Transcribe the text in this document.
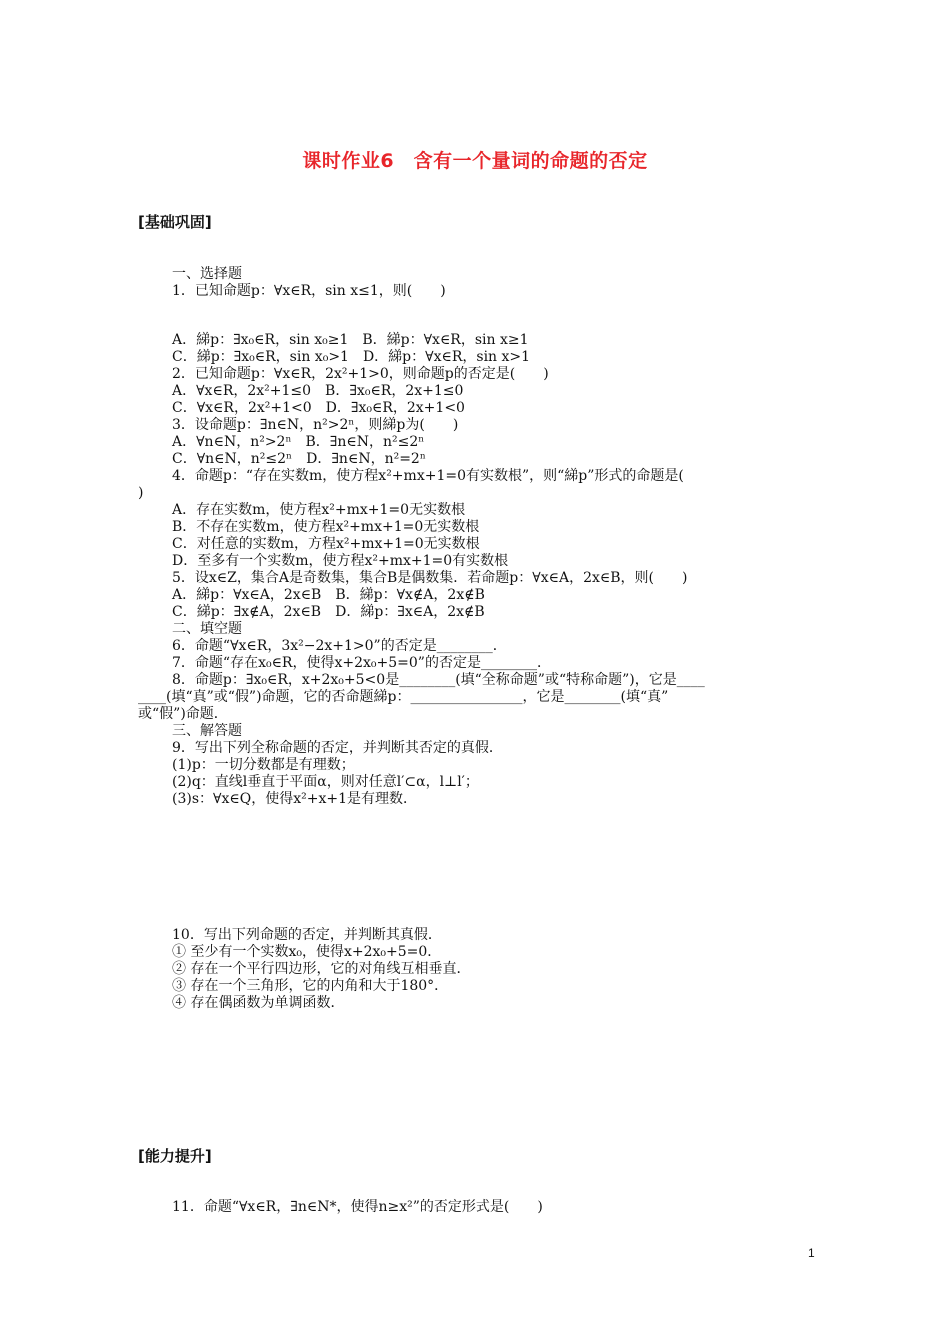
课时作业6　含有一个量词的命题的否定
[基础巩固]
一、选择题
1．已知命题p：∀x∈R，sin x≤1，则(　　)
A．綈p：∃x₀∈R，sin x₀≥1　B．綈p：∀x∈R，sin x≥1
C．綈p：∃x₀∈R，sin x₀>1　D．綈p：∀x∈R，sin x>1
2．已知命题p：∀x∈R，2x²+1>0，则命题p的否定是(　　)
A．∀x∈R，2x²+1≤0　B．∃x₀∈R，2x+1≤0
C．∀x∈R，2x²+1<0　D．∃x₀∈R，2x+1<0
3．设命题p：∃n∈N，n²>2ⁿ，则綈p为(　　)
A．∀n∈N，n²>2ⁿ　B．∃n∈N，n²≤2ⁿ
C．∀n∈N，n²≤2ⁿ　D．∃n∈N，n²=2ⁿ
4．命题p：“存在实数m，使方程x²+mx+1=0有实数根”，则“綈p”形式的命题是(
)
A．存在实数m，使方程x²+mx+1=0无实数根
B．不存在实数m，使方程x²+mx+1=0无实数根
C．对任意的实数m，方程x²+mx+1=0无实数根
D．至多有一个实数m，使方程x²+mx+1=0有实数根
5．设x∈Z，集合A是奇数集，集合B是偶数集．若命题p：∀x∈A，2x∈B，则(　　)
A．綈p：∀x∈A，2x∈B　B．綈p：∀x∉A，2x∉B
C．綈p：∃x∉A，2x∈B　D．綈p：∃x∈A，2x∉B
二、填空题
6．命题“∀x∈R，3x²−2x+1>0”的否定是________．
7．命题“存在x₀∈R，使得x+2x₀+5=0”的否定是________．
8．命题p：∃x₀∈R，x+2x₀+5<0是________(填“全称命题”或“特称命题”)，它是____
____(填“真”或“假”)命题，它的否命题綈p：________________，它是________(填“真”
或“假”)命题．
三、解答题
9．写出下列全称命题的否定，并判断其否定的真假．
(1)p：一切分数都是有理数；
(2)q：直线l垂直于平面α，则对任意l′⊂α，l⊥l′；
(3)s：∀x∈Q，使得x²+x+1是有理数．
10．写出下列命题的否定，并判断其真假．
① 至少有一个实数x₀，使得x+2x₀+5=0．
② 存在一个平行四边形，它的对角线互相垂直．
③ 存在一个三角形，它的内角和大于180°．
④ 存在偶函数为单调函数．
[能力提升]
11．命题“∀x∈R，∃n∈N*，使得n≥x²”的否定形式是(　　)
1
